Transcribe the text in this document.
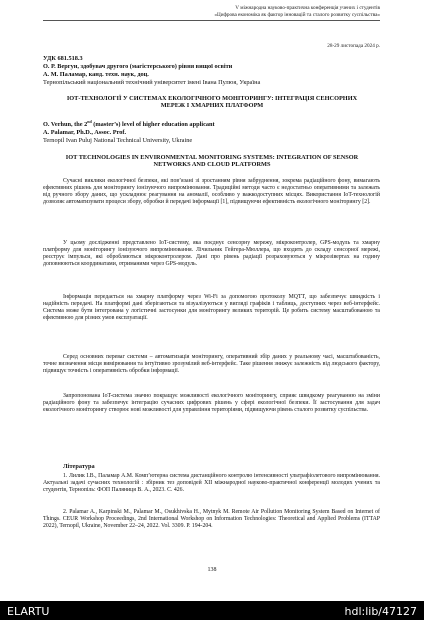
V міжнародна науково-практична конференція учених і студентів
«Цифрова економіка як фактор інновацій та сталого розвитку суспільства»
28-29 листопада 2024 р.
УДК 681.518.3
О. Р. Вергун, здобувач другого (магістерського) рівня вищої освіти
А. М. Паламар, канд. техн. наук, доц.
Тернопільський національний технічний університет імені Івана Пулюя, Україна
ІОТ-ТЕХНОЛОГІЇ У СИСТЕМАХ ЕКОЛОГІЧНОГО МОНІТОРИНГУ: ІНТЕГРАЦІЯ СЕНСОРНИХ МЕРЕЖ І ХМАРНИХ ПЛАТФОРМ
O. Verhun, the 2nd (master’s) level of higher education applicant
A. Palamar, Ph.D., Assoc. Prof.
Ternopil Ivan Puluj National Technical University, Ukraine
IOT TECHNOLOGIES IN ENVIRONMENTAL MONITORING SYSTEMS: INTEGRATION OF SENSOR NETWORKS AND CLOUD PLATFORMS
Сучасні виклики екологічної безпеки, які пов’язані зі зростанням рівня забруднення, зокрема радіаційного фону, вимагають ефективних рішень для моніторингу іонізуючого випромінювання. Традиційні методи часто є недостатньо оперативними та залежать від ручного збору даних, що ускладнює реагування на аномалії, особливо у важкодоступних місцях. Використання IoT-технологій дозволяє автоматизувати процеси збору, обробки й передачі інформації [1], підвищуючи ефективність екологічного моніторингу [2].
У цьому дослідженні представлено IoT-систему, яка поєднує сенсорну мережу, мікроконтролер, GPS-модуль та хмарну платформу для моніторингу іонізуючого випромінювання. Лічильник Гейгера-Мюллера, що входить до складу сенсорної мережі, реєструє імпульси, які обробляються мікроконтролером. Дані про рівень радіації розраховуються у мікрозівертах на годину доповнюються координатами, отриманими через GPS-модуль.
Інформація передається на хмарну платформу через Wi-Fi за допомогою протоколу MQTT, що забезпечує швидкість і надійність передачі. На платформі дані зберігаються та візуалізуються у вигляді графіків і таблиць, доступних через веб-інтерфейс. Система може бути інтегрована у логістичні застосунки для моніторингу великих територій. Це робить систему масштабованою та ефективною для різних умов експлуатації.
Серед основних переваг системи – автоматизація моніторингу, оперативний збір даних у реальному часі, масштабованість, точне визначення місця вимірювання та інтуїтивно зрозумілий веб-інтерфейс. Таке рішення знижує залежність від людського фактору, підвищує точність і оперативність обробки інформації.
Запропонована IoT-система значно покращує можливості екологічного моніторингу, сприяє швидкому реагуванню на зміни радіаційного фону та забезпечує інтеграцію сучасних цифрових рішень у сфері екологічної безпеки. Її застосування для задач екологічного моніторингу створює нові можливості для управління територіями, підвищуючи рівень сталого розвитку суспільства.
Література
1. Лилик І.В., Паламар А.М. Комп’ютерна система дистанційного контролю інтенсивності ультрафіолетового випромінювання. Актуальні задачі сучасних технологій : збірник тез доповідей XII міжнародної науково-практичної конференції молодих учених та студентів, Тернопіль: ФОП Паляниця В. А., 2023. С. 426.
2. Palamar A., Karpinski M., Palamar M., Osukhivska H., Mytnyk M. Remote Air Pollution Monitoring System Based on Internet of Things. CEUR Workshop Proceedings, 2nd International Workshop on Information Technologies: Theoretical and Applied Problems (ITTAP 2022), Ternopil, Ukraine, November 22–24, 2022. Vol. 3309. P. 194-204.
138
ELARTU	hdl:lib/47127
